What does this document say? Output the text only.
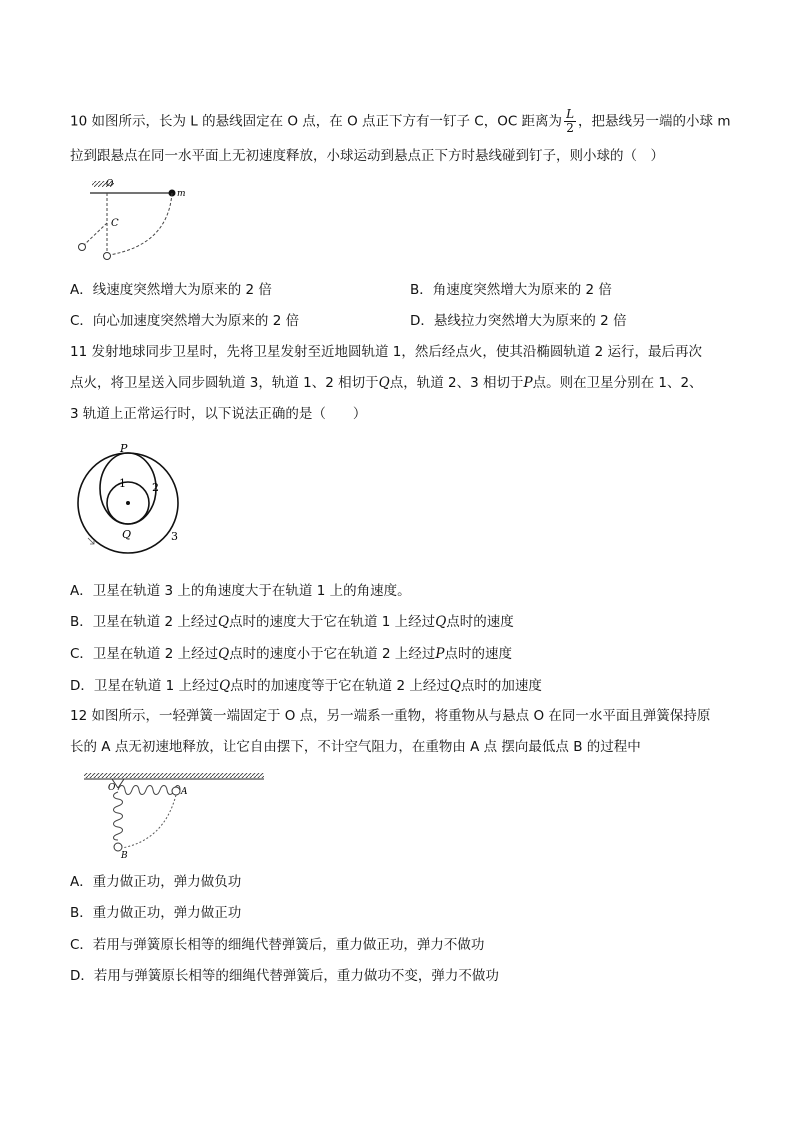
10 如图所示，长为 L 的悬线固定在 O 点，在 O 点正下方有一钉子 C，OC 距离为 $\frac{L}{2}$ ，把悬线另一端的小球 m
拉到跟悬点在同一水平面上无初速度释放，小球运动到悬点正下方时悬线碰到钉子，则小球的（　）
O
m
C
A．线速度突然增大为原来的 2 倍	B．角速度突然增大为原来的 2 倍
C．向心加速度突然增大为原来的 2 倍	D．悬线拉力突然增大为原来的 2 倍
11 发射地球同步卫星时，先将卫星发射至近地圆轨道 1，然后经点火，使其沿椭圆轨道 2 运行，最后再次
点火，将卫星送入同步圆轨道 3，轨道 1、2 相切于Q点，轨道 2、3 相切于P点。则在卫星分别在 1、2、
3 轨道上正常运行时，以下说法正确的是（　　）
P
1 2
Q	3
A．卫星在轨道 3 上的角速度大于在轨道 1 上的角速度。
B．卫星在轨道 2 上经过Q点时的速度大于它在轨道 1 上经过Q点时的速度
C．卫星在轨道 2 上经过Q点时的速度小于它在轨道 2 上经过P点时的速度
D．卫星在轨道 1 上经过Q点时的加速度等于它在轨道 2 上经过Q点时的加速度
12 如图所示，一轻弹簧一端固定于 O 点，另一端系一重物，将重物从与悬点 O 在同一水平面且弹簧保持原
长的 A 点无初速地释放，让它自由摆下，不计空气阻力，在重物由 A 点 摆向最低点 B 的过程中
O	A
B
A．重力做正功，弹力做负功
B．重力做正功，弹力做正功
C．若用与弹簧原长相等的细绳代替弹簧后，重力做正功，弹力不做功
D．若用与弹簧原长相等的细绳代替弹簧后，重力做功不变，弹力不做功
